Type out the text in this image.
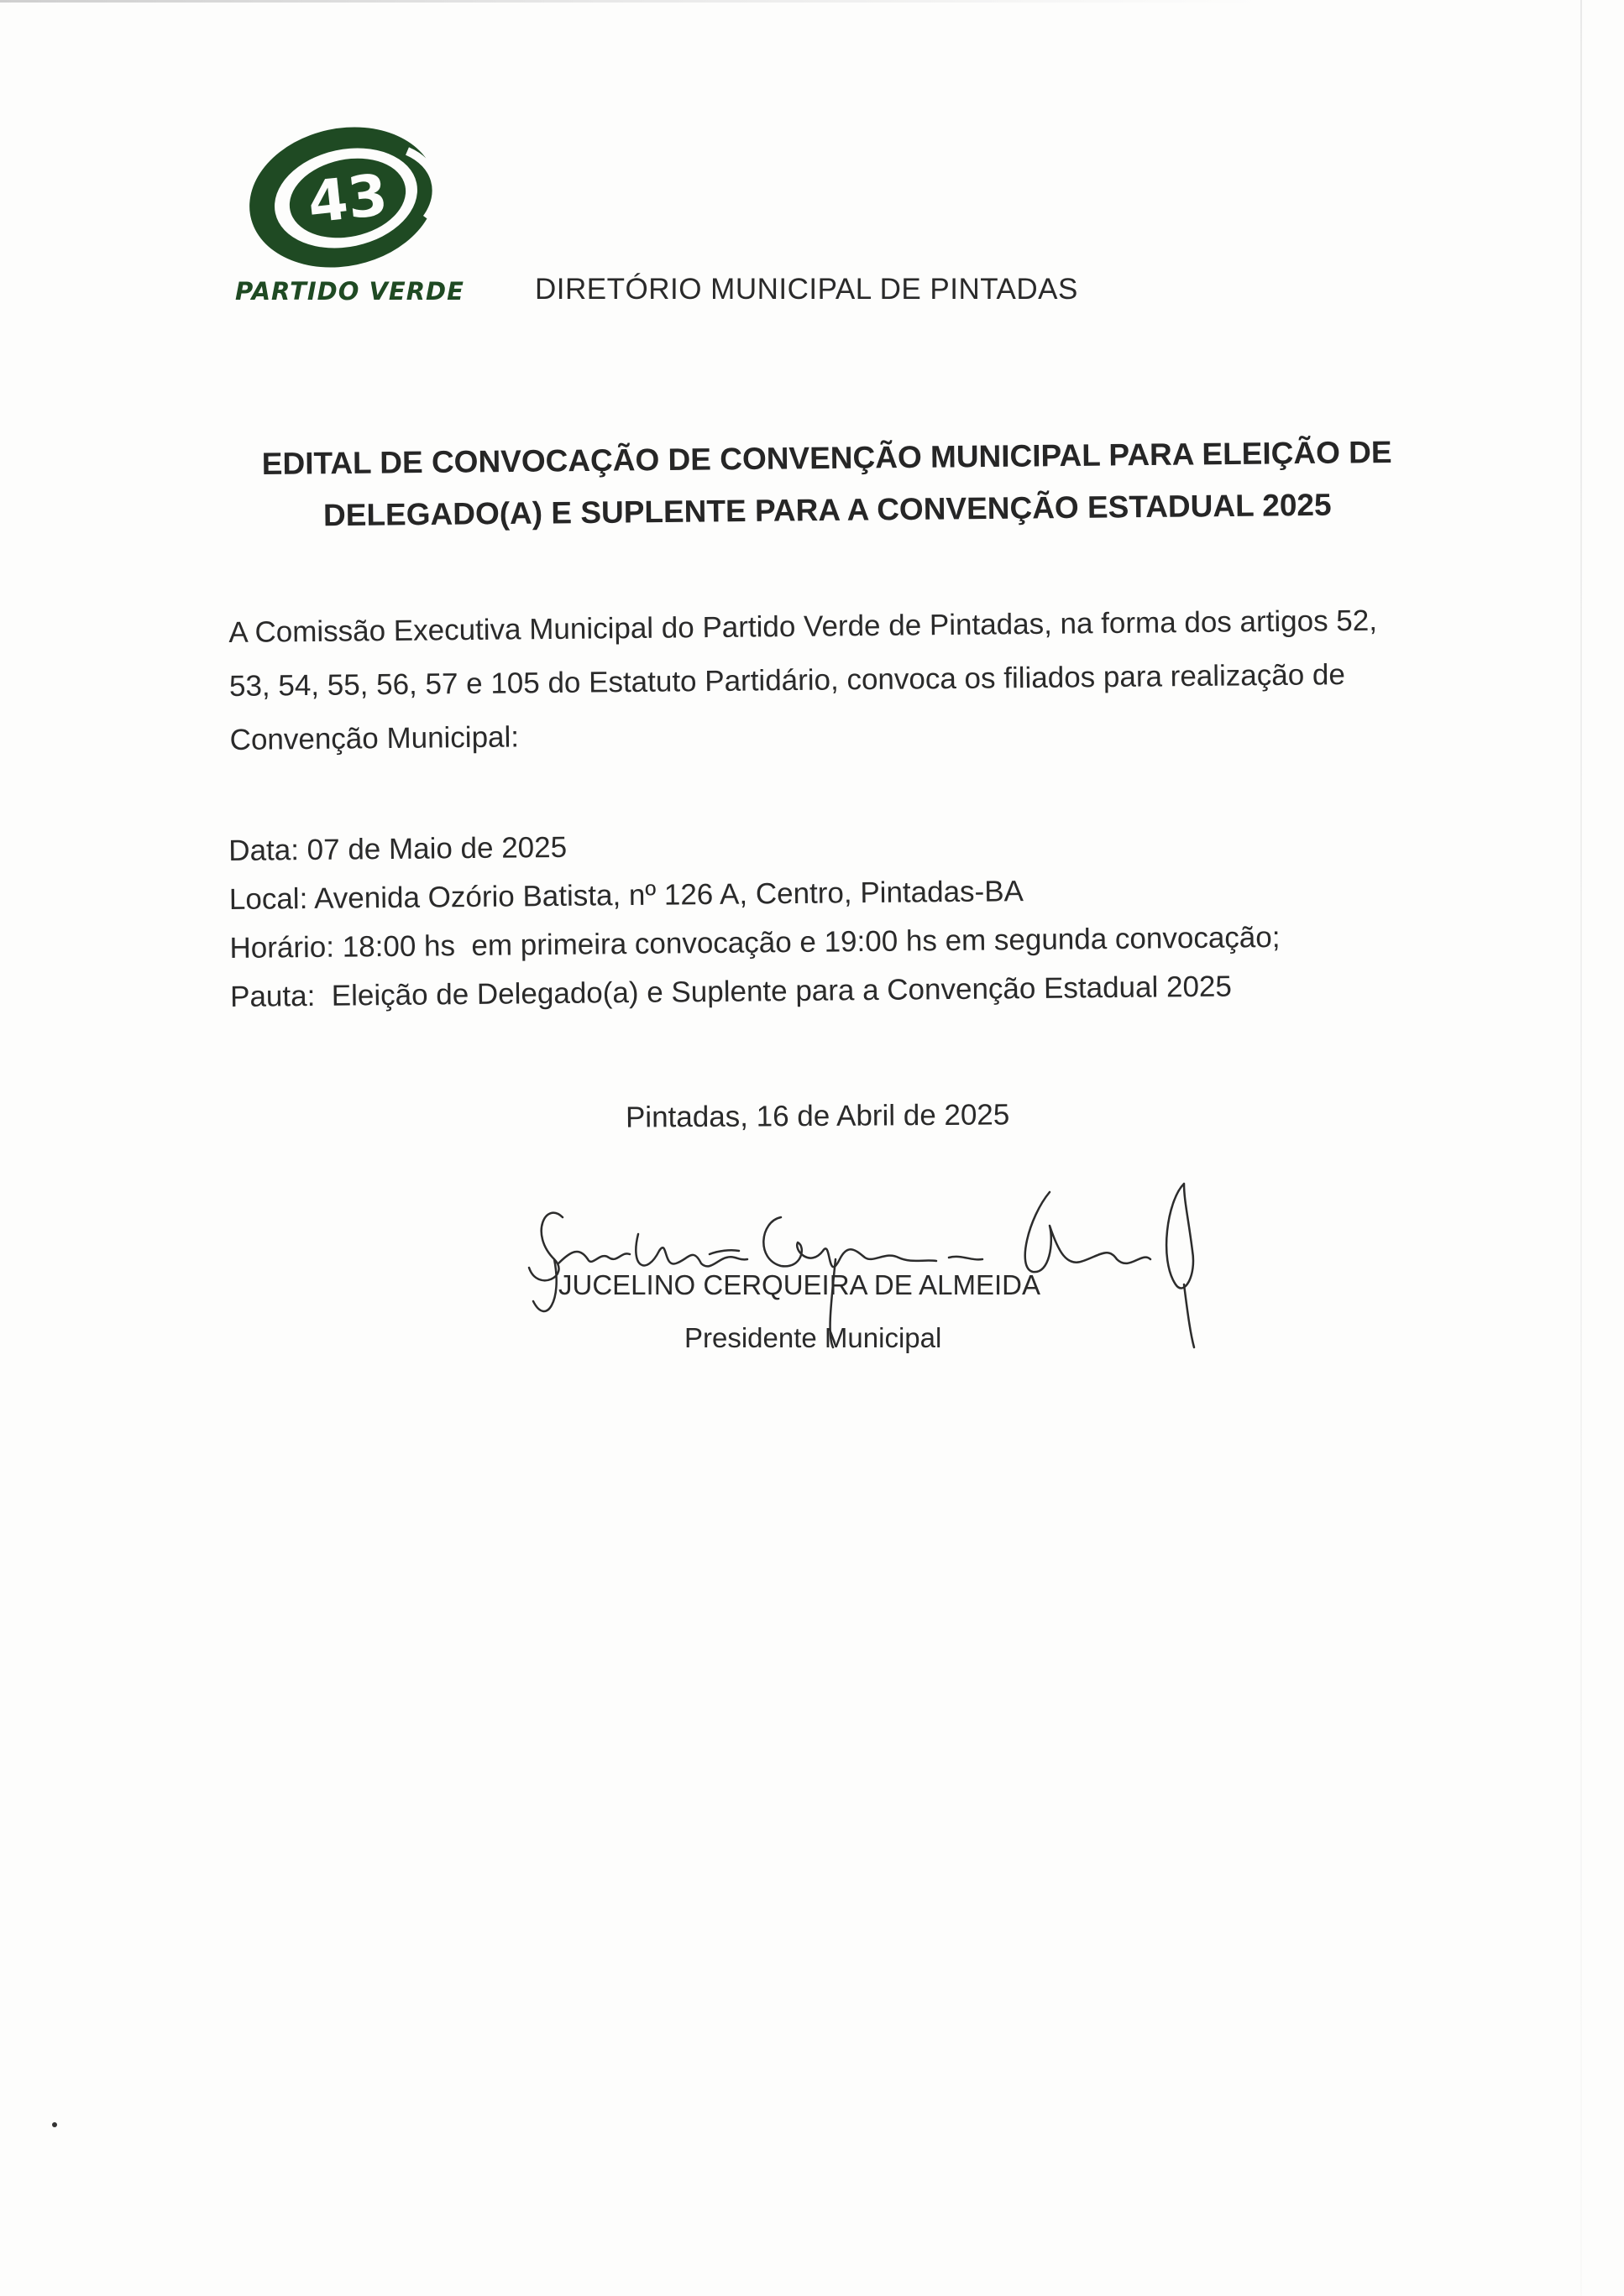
43
PARTIDO VERDE DIRETÓRIO MUNICIPAL DE PINTADAS
EDITAL DE CONVOCAÇÃO DE CONVENÇÃO MUNICIPAL PARA ELEIÇÃO DE
DELEGADO(A) E SUPLENTE PARA A CONVENÇÃO ESTADUAL 2025
A Comissão Executiva Municipal do Partido Verde de Pintadas, na forma dos artigos 52,
53, 54, 55, 56, 57 e 105 do Estatuto Partidário, convoca os filiados para realização de
Convenção Municipal:
Data: 07 de Maio de 2025
Local: Avenida Ozório Batista, nº 126 A, Centro, Pintadas-BA
Horário: 18:00 hs  em primeira convocação e 19:00 hs em segunda convocação;
Pauta:  Eleição de Delegado(a) e Suplente para a Convenção Estadual 2025
Pintadas, 16 de Abril de 2025
JUCELINO CERQUEIRA DE ALMEIDA
Presidente Municipal
